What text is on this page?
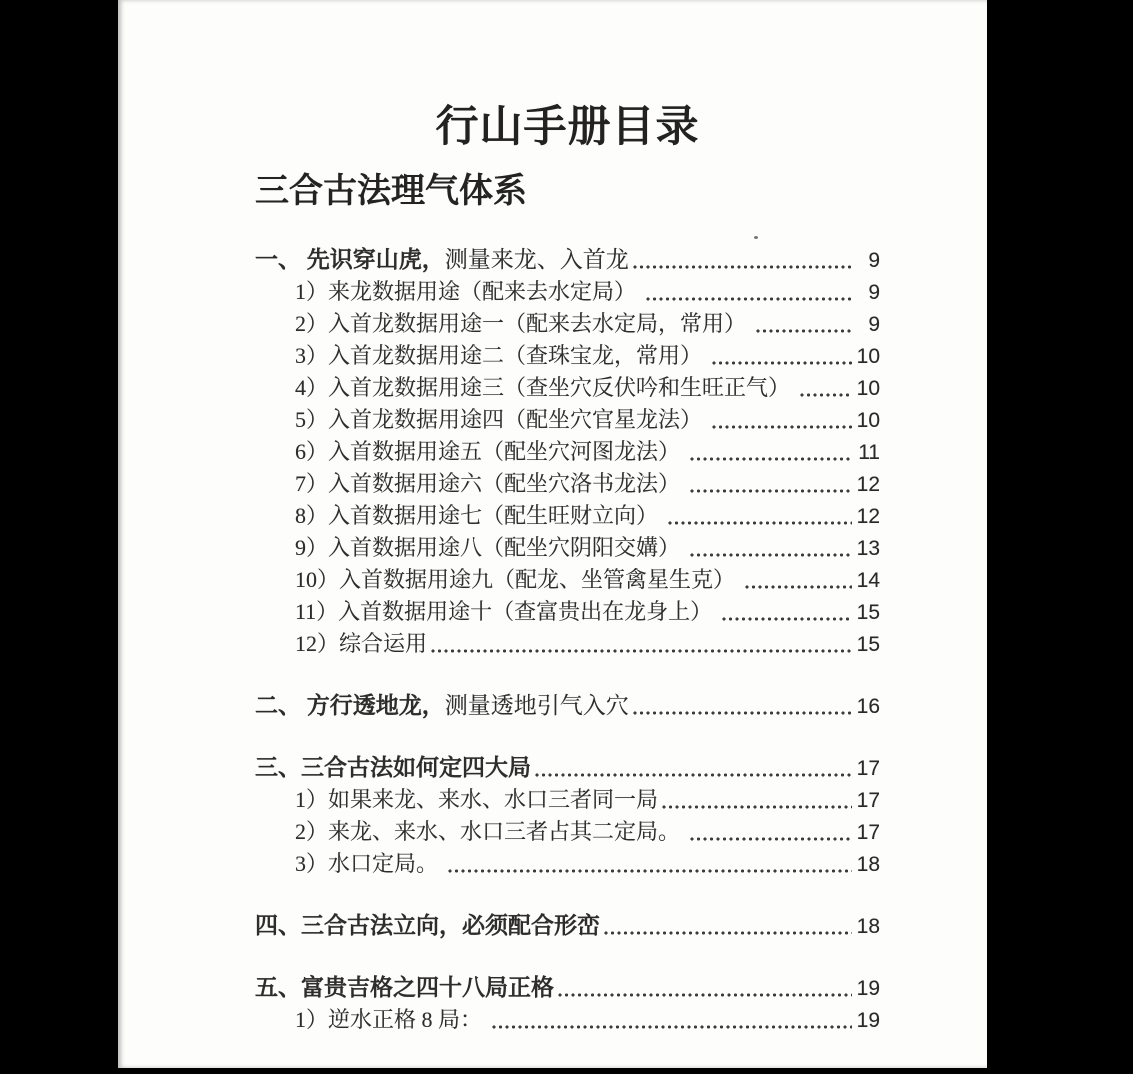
行山手册目录
三合古法理气体系
一、 先识穿山虎，测量来龙、入首龙	9
1）来龙数据用途（配来去水定局）	9
2）入首龙数据用途一（配来去水定局，常用）	9
3）入首龙数据用途二（查珠宝龙，常用）	10
4）入首龙数据用途三（查坐穴反伏吟和生旺正气）	10
5）入首龙数据用途四（配坐穴官星龙法）	10
6）入首数据用途五（配坐穴河图龙法）	11
7）入首数据用途六（配坐穴洛书龙法）	12
8）入首数据用途七（配生旺财立向）	12
9）入首数据用途八（配坐穴阴阳交媾）	13
10）入首数据用途九（配龙、坐管禽星生克）	14
11）入首数据用途十（查富贵出在龙身上）	15
12）综合运用	15
二、 方行透地龙，测量透地引气入穴	16
三、三合古法如何定四大局	17
1）如果来龙、来水、水口三者同一局	17
2）来龙、来水、水口三者占其二定局。	17
3）水口定局。	18
四、三合古法立向，必须配合形峦	18
五、富贵吉格之四十八局正格	19
1）逆水正格 8 局：	19
